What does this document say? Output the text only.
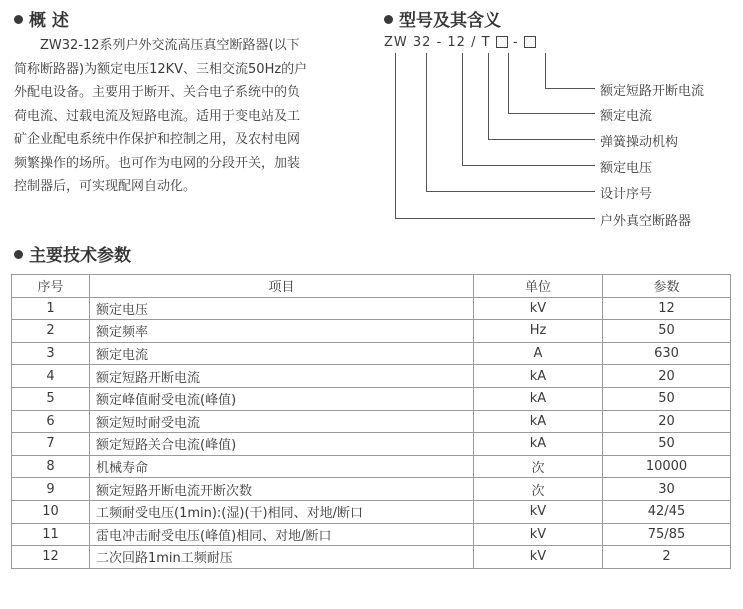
概 述

ZW32-12系列户外交流高压真空断路器(以下

简称断路器)为额定电压12KV、三相交流50Hz的户

外配电设备。主要用于断开、关合电子系统中的负

荷电流、过载电流及短路电流。适用于变电站及工

矿企业配电系统中作保护和控制之用，及农村电网

频繁操作的场所。也可作为电网的分段开关，加装

控制器后，可实现配网自动化。

型号及其含义
ZW 32 - 12 / T -
额定短路开断电流
额定电流
弹簧操动机构
额定电压
设计序号
户外真空断路器
主要技术参数
序号	项目	单位	参数
1	额定电压	kV	12
2	额定频率	Hz	50
3	额定电流	A	630
4	额定短路开断电流	kA	20
5	额定峰值耐受电流(峰值)	kA	50
6	额定短时耐受电流	kA	20
7	额定短路关合电流(峰值)	kA	50
8	机械寿命	次	10000
9	额定短路开断电流开断次数	次	30
10	工频耐受电压(1min):(湿)(干)相同、对地/断口	kV	42/45
11	雷电冲击耐受电压(峰值)相同、对地/断口	kV	75/85
12	二次回路1min工频耐压	kV	2
